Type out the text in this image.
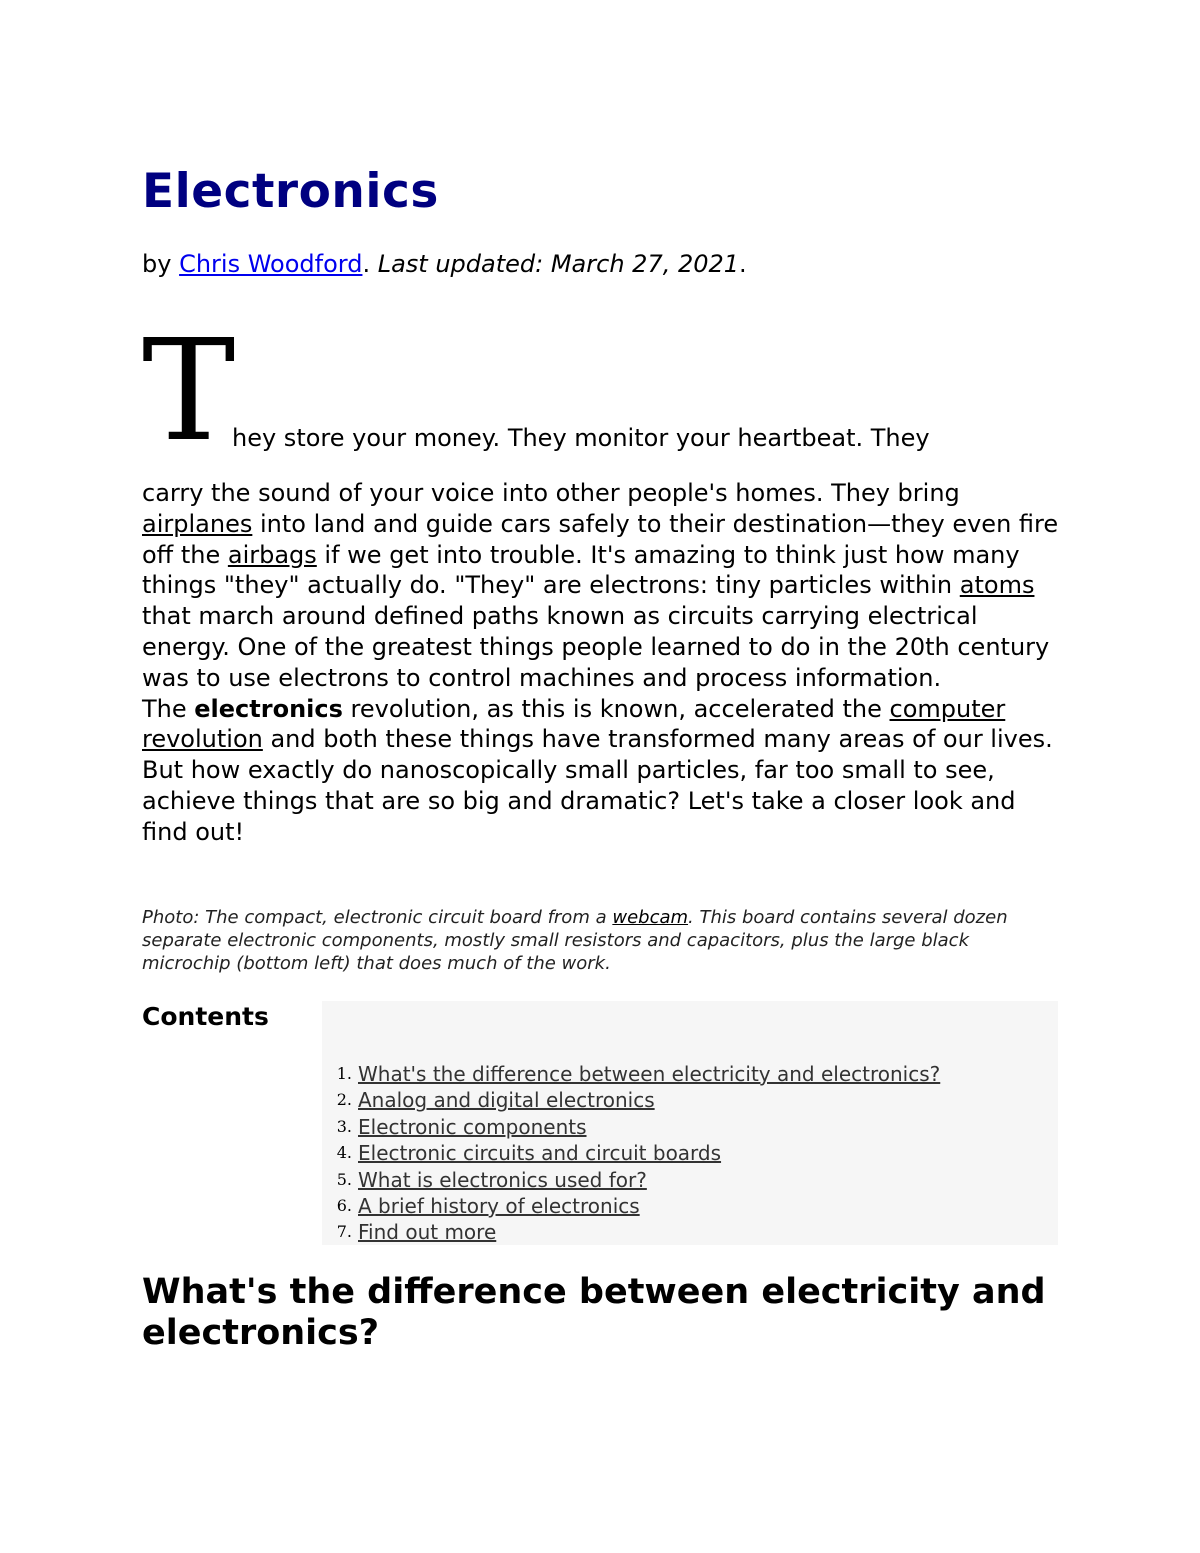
Electronics

by Chris Woodford. Last updated: March 27, 2021.

T

hey store your money. They monitor your heartbeat. They

carry the sound of your voice into other people's homes. They bring airplanes into land and guide cars safely to their destination—they even fire off the airbags if we get into trouble. It's amazing to think just how many things "they" actually do. "They" are electrons: tiny particles within atoms that march around defined paths known as circuits carrying electrical energy. One of the greatest things people learned to do in the 20th century was to use electrons to control machines and process information.
The electronics revolution, as this is known, accelerated the computer revolution and both these things have transformed many areas of our lives. But how exactly do nanoscopically small particles, far too small to see, achieve things that are so big and dramatic? Let's take a closer look and find out!

Photo: The compact, electronic circuit board from a webcam. This board contains several dozen separate electronic components, mostly small resistors and capacitors, plus the large black microchip (bottom left) that does much of the work.

Contents
1. What's the difference between electricity and electronics?
2. Analog and digital electronics
3. Electronic components
4. Electronic circuits and circuit boards
5. What is electronics used for?
6. A brief history of electronics
7. Find out more
What's the difference between electricity and electronics?
